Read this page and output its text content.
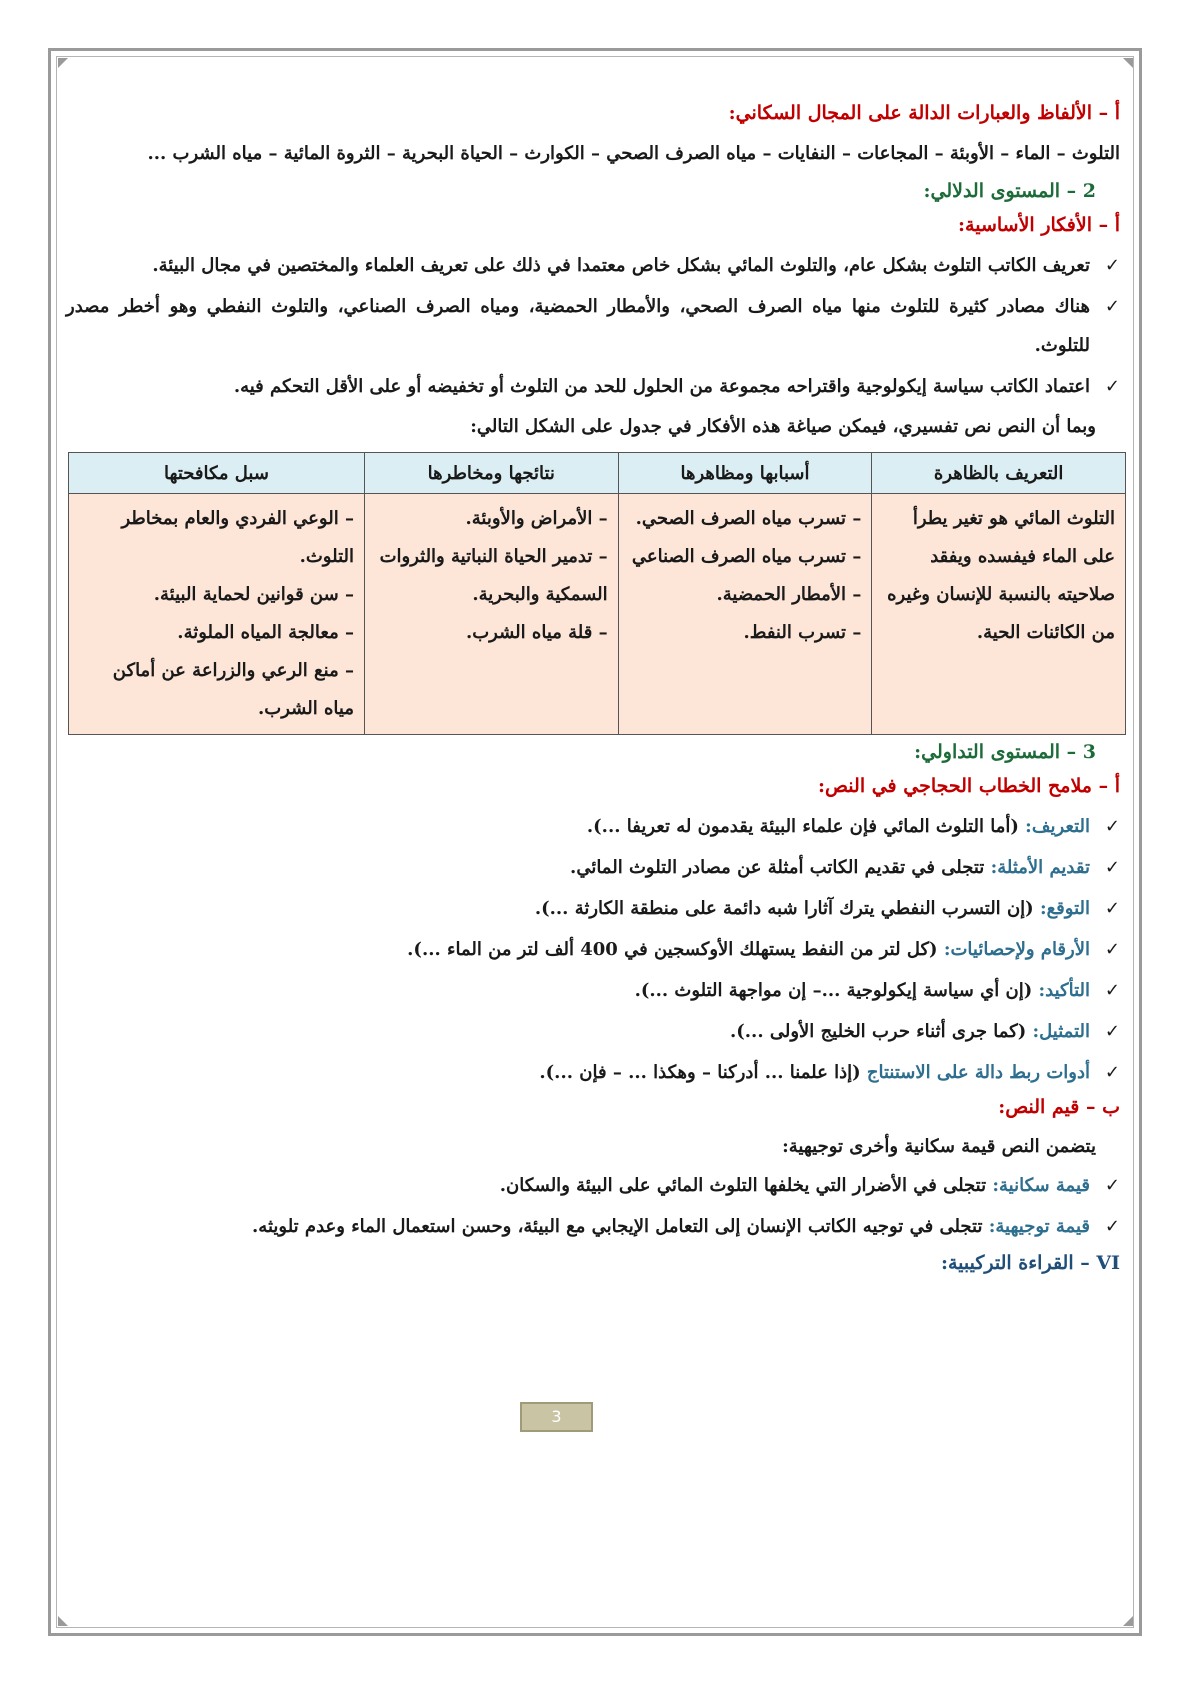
أ – الألفاظ والعبارات الدالة على المجال السكاني:
التلوث – الماء – الأوبئة – المجاعات – النفايات – مياه الصرف الصحي – الكوارث – الحياة البحرية – الثروة المائية – مياه الشرب ...
2 – المستوى الدلالي:
أ – الأفكار الأساسية:
✓
تعريف الكاتب التلوث بشكل عام، والتلوث المائي بشكل خاص معتمدا في ذلك على تعريف العلماء والمختصين في مجال البيئة.
✓
هناك مصادر كثيرة للتلوث منها مياه الصرف الصحي، والأمطار الحمضية، ومياه الصرف الصناعي، والتلوث النفطي وهو أخطر مصدر للتلوث.
✓
اعتماد الكاتب سياسة إيكولوجية واقتراحه مجموعة من الحلول للحد من التلوث أو تخفيضه أو على الأقل التحكم فيه.
وبما أن النص نص تفسيري، فيمكن صياغة هذه الأفكار في جدول على الشكل التالي:
التعريف بالظاهرة	أسبابها ومظاهرها	نتائجها ومخاطرها	سبل مكافحتها
التلوث المائي هو تغير يطرأ على الماء فيفسده ويفقد صلاحيته بالنسبة للإنسان وغيره من الكائنات الحية.	– تسرب مياه الصرف الصحي.
– تسرب مياه الصرف الصناعي
– الأمطار الحمضية.
– تسرب النفط.	– الأمراض والأوبئة.
– تدمير الحياة النباتية والثروات السمكية والبحرية.
– قلة مياه الشرب.	– الوعي الفردي والعام بمخاطر التلوث.
– سن قوانين لحماية البيئة.
– معالجة المياه الملوثة.
– منع الرعي والزراعة عن أماكن مياه الشرب.
3 – المستوى التداولي:
أ – ملامح الخطاب الحجاجي في النص:
✓
التعريف: (أما التلوث المائي فإن علماء البيئة يقدمون له تعريفا ...).
✓
تقديم الأمثلة: تتجلى في تقديم الكاتب أمثلة عن مصادر التلوث المائي.
✓
التوقع: (إن التسرب النفطي يترك آثارا شبه دائمة على منطقة الكارثة ...).
✓
الأرقام ولإحصائيات: (كل لتر من النفط يستهلك الأوكسجين في 400 ألف لتر من الماء ...).
✓
التأكيد: (إن أي سياسة إيكولوجية ...– إن مواجهة التلوث ...).
✓
التمثيل: (كما جرى أثناء حرب الخليج الأولى ...).
✓
أدوات ربط دالة على الاستنتاج (إذا علمنا ... أدركنا – وهكذا ... – فإن ...).
ب – قيم النص:
يتضمن النص قيمة سكانية وأخرى توجيهية:
✓
قيمة سكانية: تتجلى في الأضرار التي يخلفها التلوث المائي على البيئة والسكان.
✓
قيمة توجيهية: تتجلى في توجيه الكاتب الإنسان إلى التعامل الإيجابي مع البيئة، وحسن استعمال الماء وعدم تلويثه.
VI – القراءة التركيبية:
3
